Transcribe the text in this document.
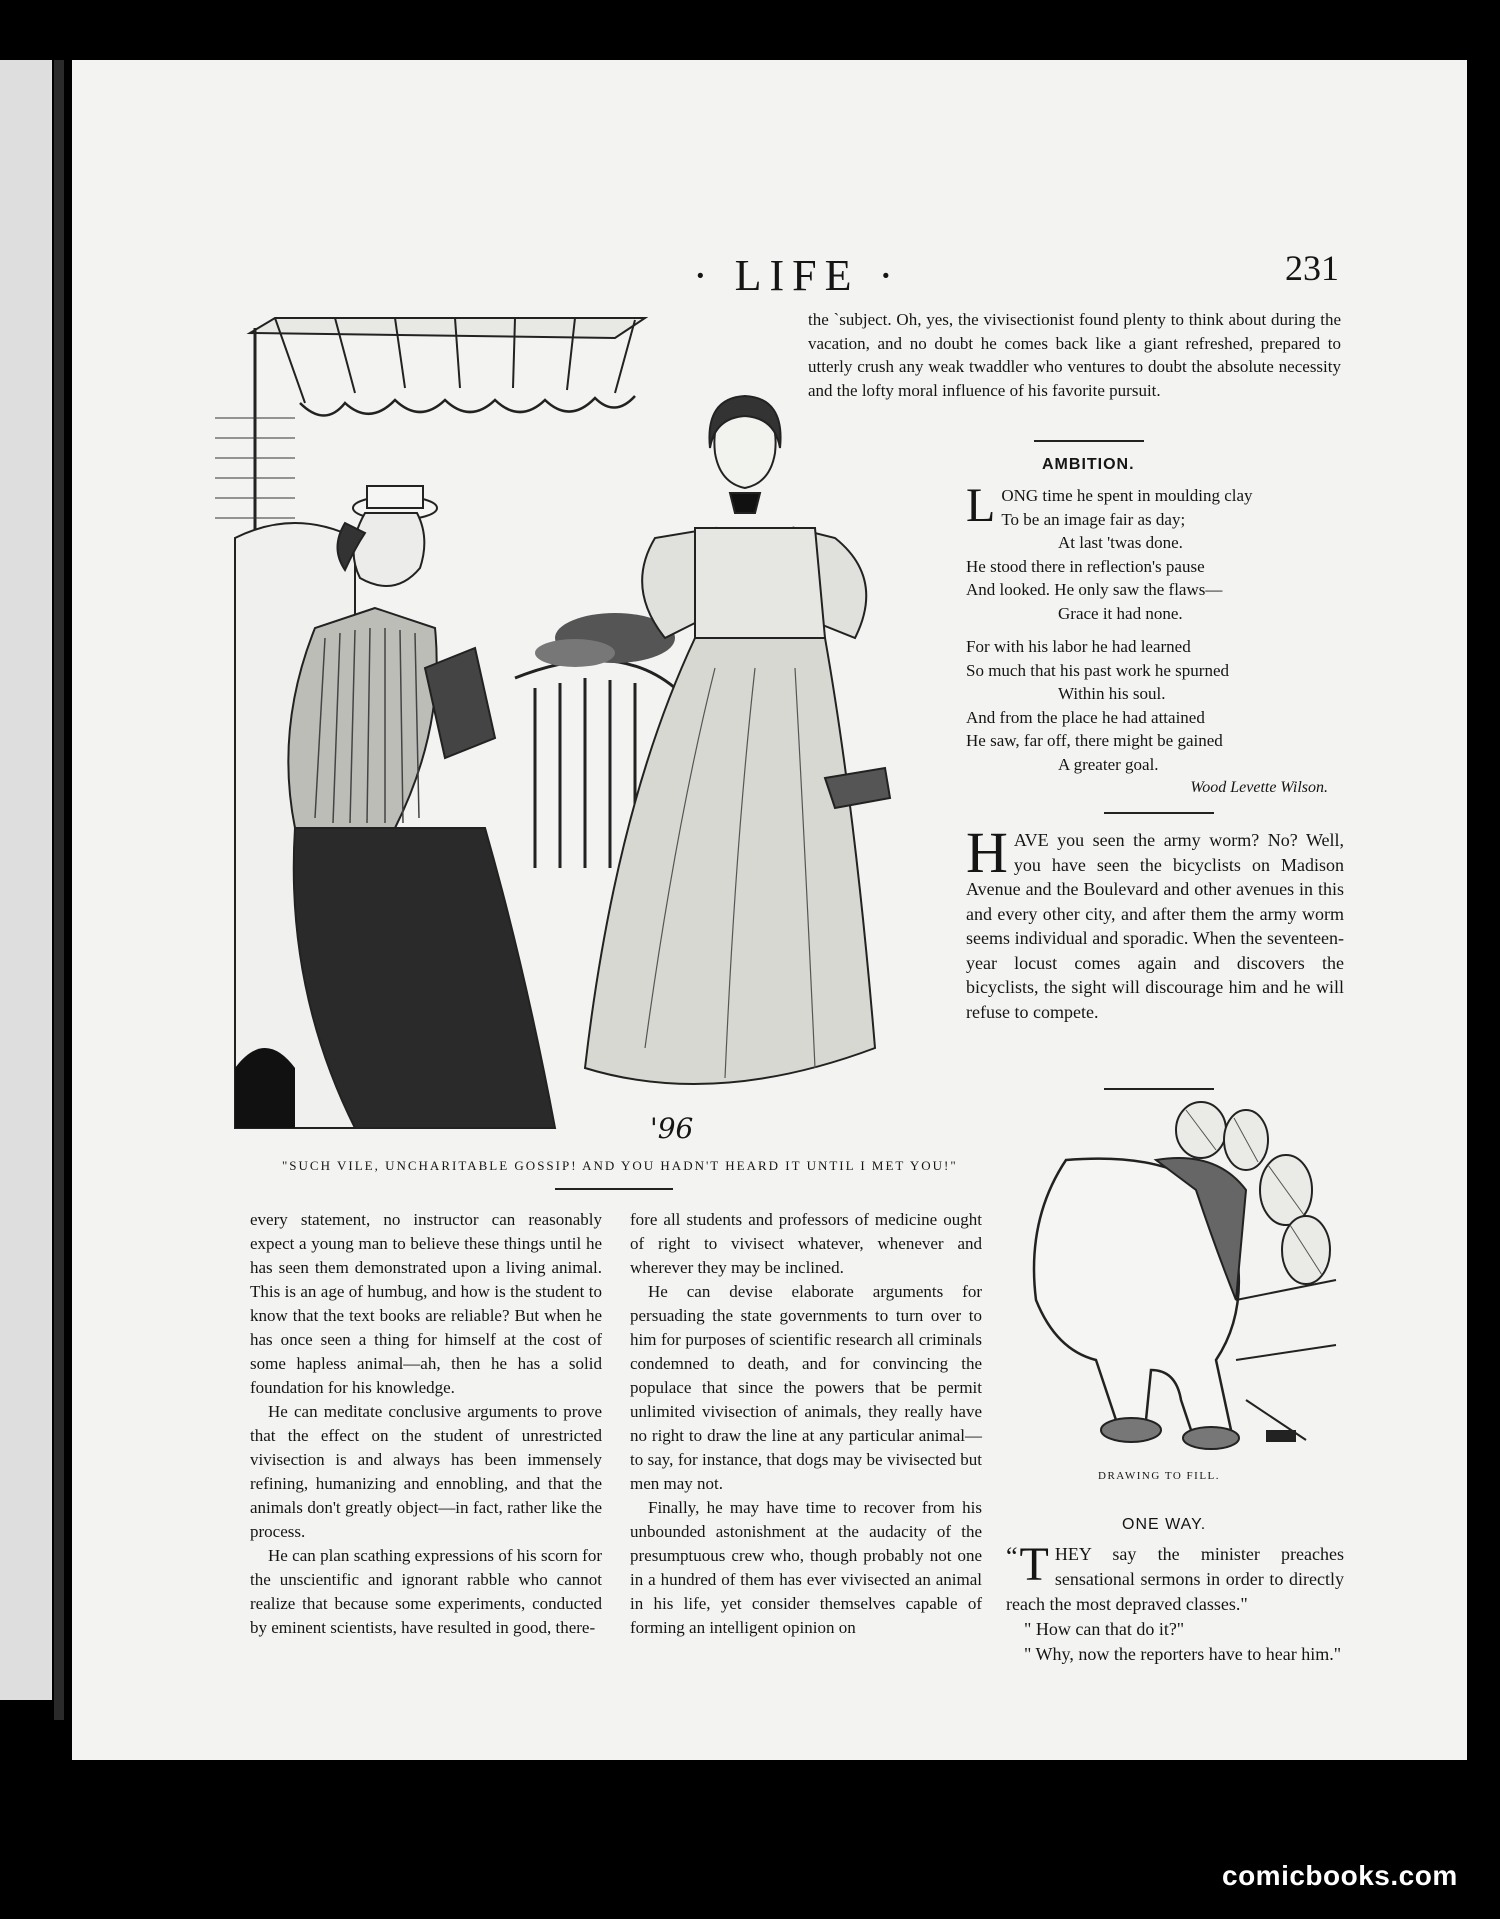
· LIFE ·	231
'96
"SUCH VILE, UNCHARITABLE GOSSIP! AND YOU HADN'T HEARD IT UNTIL I MET YOU!"

the `subject. Oh, yes, the vivisectionist found plenty to think about during the vacation, and no doubt he comes back like a giant refreshed, prepared to utterly crush any weak twaddler who ventures to doubt the absolute necessity and the lofty moral influence of his favorite pursuit.

AMBITION.
L ONG time he spent in moulding clay
To be an image fair as day;
At last 'twas done.
He stood there in reflection's pause
And looked. He only saw the flaws—
Grace it had none.
For with his labor he had learned
So much that his past work he spurned
Within his soul.
And from the place he had attained
He saw, far off, there might be gained
A greater goal.
Wood Levette Wilson.
H AVE you seen the army worm? No? Well, you have seen the bicyclists on Madison Avenue and the Boulevard and other avenues in this and every other city, and after them the army worm seems individual and sporadic. When the seventeen-year locust comes again and discovers the bicyclists, the sight will discourage him and he will refuse to compete.

every statement, no instructor can reasonably expect a young man to believe these things until he has seen them demonstrated upon a living animal. This is an age of humbug, and how is the student to know that the text books are reliable? But when he has once seen a thing for himself at the cost of some hapless animal—ah, then he has a solid foundation for his knowledge.

He can meditate conclusive arguments to prove that the effect on the student of unrestricted vivisection is and always has been immensely refining, humanizing and ennobling, and that the animals don't greatly object—in fact, rather like the process.

He can plan scathing expressions of his scorn for the unscientific and ignorant rabble who cannot realize that because some experiments, conducted by eminent scientists, have resulted in good, there-

fore all students and professors of medicine ought of right to vivisect whatever, whenever and wherever they may be inclined.

He can devise elaborate arguments for persuading the state governments to turn over to him for purposes of scientific research all criminals condemned to death, and for convincing the populace that since the powers that be permit unlimited vivisection of animals, they really have no right to draw the line at any particular animal—to say, for instance, that dogs may be vivisected but men may not.

Finally, he may have time to recover from his unbounded astonishment at the audacity of the presumptuous crew who, though probably not one in a hundred of them has ever vivisected an animal in his life, yet consider themselves capable of forming an intelligent opinion on

DRAWING TO FILL.
ONE WAY.

“ T HEY say the minister preaches sensational sermons in order to directly reach the most depraved classes."

" How can that do it?"

" Why, now the reporters have to hear him."

comicbooks.com
